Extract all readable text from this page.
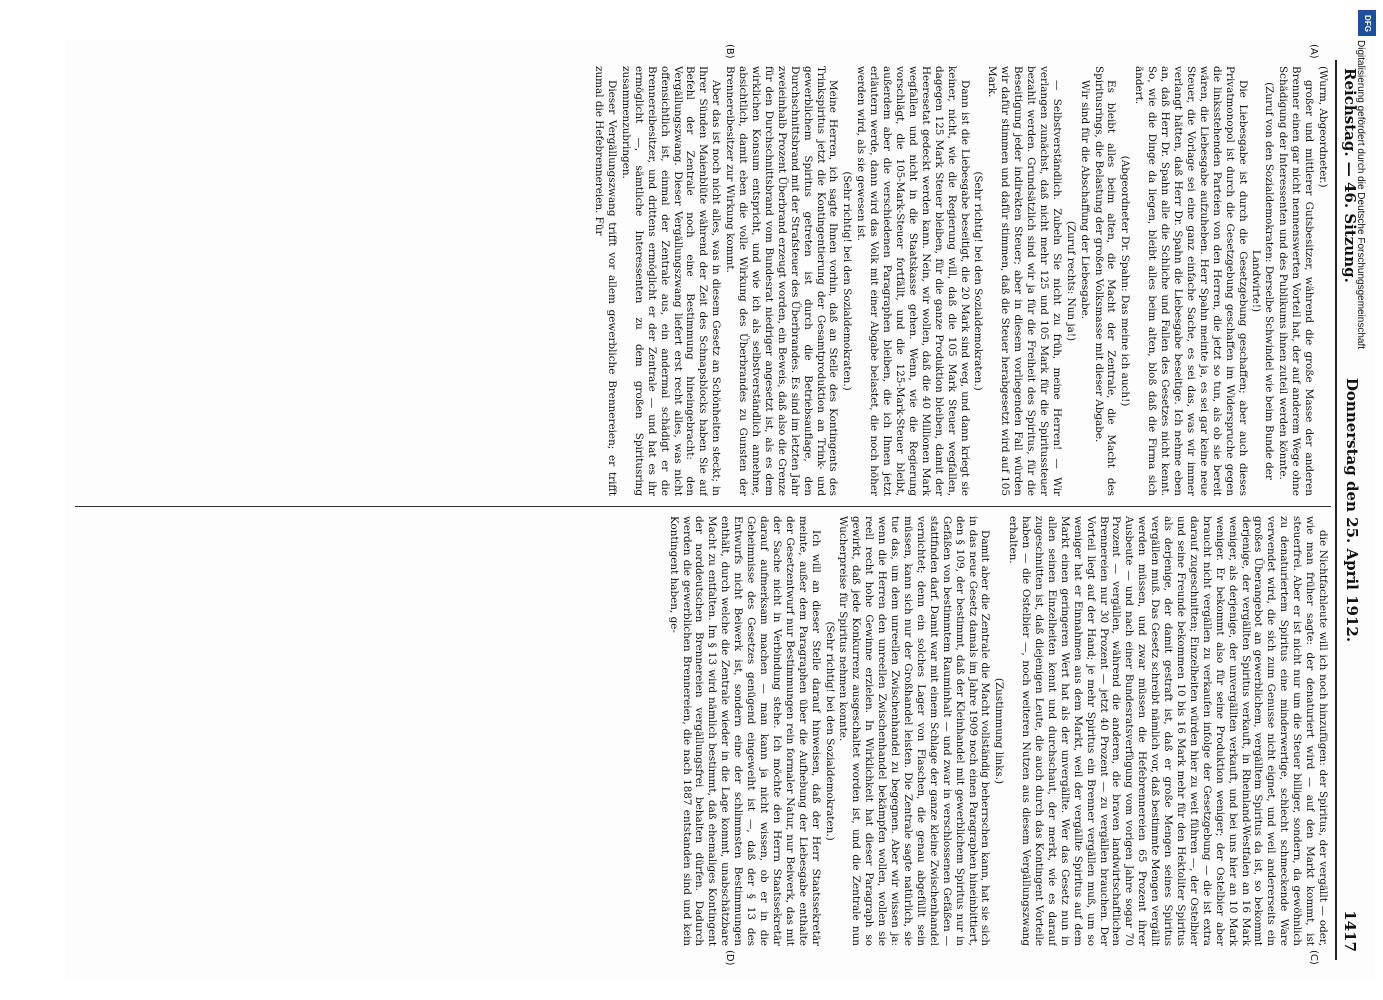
Reichstag. — 46. Sitzung.
Donnerstag den 25. April 1912.
1417
(A)
(B)
(C)
(D)

(Wurm, Abgeordneter.)

großer und mittlerer Gutsbesitzer, während die große Masse der anderen Brenner einen gar nicht nennenswerten Vorteil hat, der auf anderem Wege ohne Schädigung der Interessenten und des Publikums ihnen zuteil werden könnte.

(Zuruf von den Sozialdemokraten: Derselbe Schwindel wie beim Bunde der Landwirte!)

Die Liebesgabe ist durch die Gesetzgebung geschaffen; aber auch dieses Privatmonopol ist durch die Gesetzgebung geschaffen im Widerspruche gegen die linksstehenden Parteien von den Herren, die jetzt so tun, als ob sie bereit wären, die Liebesgabe aufzuheben. Herr Spahn meinte ja, es sei gar keine neue Steuer, die Vorlage sei eine ganz einfache Sache, es sei das, was wir immer verlangt hätten, daß Herr Dr. Spahn die Liebesgabe beseitige. Ich nehme eben an, daß Herr Dr. Spahn alle die Schliche und Fallen des Gesetzes nicht kennt. So, wie die Dinge da liegen, bleibt alles beim alten, bloß daß die Firma sich ändert.

(Abgeordneter Dr. Spahn: Das meine ich auch!)

Es bleibt alles beim alten, die Macht der Zentrale, die Macht des Spiritusrings, die Belastung der großen Volksmasse mit dieser Abgabe.

Wir sind für die Abschaffung der Liebesgabe.

(Zuruf rechts: Nun ja!)

— Selbstverständlich. Zubeln Sie nicht zu früh, meine Herren! — Wir verlangen zunächst, daß nicht mehr 125 und 105 Mark für die Spiritussteuer bezahlt werden. Grundsätzlich sind wir ja für die Freiheit des Spiritus, für die Beseitigung jeder indirekten Steuer; aber in diesem vorliegenden Fall würden wir dafür stimmen und dafür stimmen, daß die Steuer herabgesetzt wird auf 105 Mark.

(Sehr richtig! bei den Sozialdemokraten.)

Dann ist die Liebesgabe beseitigt, die 20 Mark sind weg, und dann kriegt sie keiner, nicht, wie die Regierung will, daß die 105 Mark Steuer wegfallen, dagegen 125 Mark Steuer bleiben, für die ganze Produktion bleiben, damit der Heeresetat gedeckt werden kann. Nein, wir wollen, daß die 40 Millionen Mark wegfallen und nicht in die Staatskasse gehen. Wenn, wie die Regierung vorschlägt, die 105-Mark-Steuer fortfällt, und die 125-Mark-Steuer bleibt, außerdem aber die verschiedenen Paragraphen bleiben, die ich Ihnen jetzt erläutern werde, dann wird das Volk mit einer Abgabe belastet, die noch höher werden wird, als sie gewesen ist.

(Sehr richtig! bei den Sozialdemokraten.)

Meine Herren, ich sagte Ihnen vorhin, daß an Stelle des Kontingents des Trinkspiritus jetzt die Kontingentierung der Gesamtproduktion an Trink- und gewerblichem Spiritus getreten ist durch die Betriebsauflage, den Durchschnittsbrand mit der Strafsteuer des Überbrandes. Es sind im letzten Jahr zweieinhalb Prozent Überbrand erzeugt worden, ein Beweis, daß also die Grenze für den Durchschnittsbrand vom Bundesrat niedriger angesetzt ist, als es dem wirklichen Konsum entspricht, und wie ich als selbstverständlich annehme, absichtlich, damit eben die volle Wirkung des Überbrandes zu Gunsten der Brennereibesitzer zur Wirkung kommt.

Aber das ist noch nicht alles, was in diesem Gesetz an Schönheiten steckt; in Ihrer Sünden Maienblüte während der Zeit des Schnapsblocks haben Sie auf Befehl der Zentrale noch eine Bestimmung hineingebracht: den Vergällungszwang. Dieser Vergällungszwang liefert erst recht alles, was nicht offensichtlich ist, einmal der Zentrale aus, ein andermal schädigt er die Brennereibesitzer, und drittens ermöglicht er der Zentrale — und hat es ihr ermöglicht —, sämtliche Interessenten zu dem großen Spiritusring zusammenzubringen.

Dieser Vergällungszwang trifft vor allem gewerbliche Brennereien; er trifft zumal die Hefebrennereien. Für

die Nichtfachleute will ich noch hinzufügen: der Spiritus, der vergällt — oder, wie man früher sagte: der denaturiert wird — auf den Markt kommt, ist steuerfrei. Aber er ist nicht nur um die Steuer billiger, sondern, da gewöhnlich zu denaturiertem Spiritus eine minderwertige, schlecht schmeckende Ware verwendet wird, die sich zum Genusse nicht eignet, und weil andererseits ein großes Überangebot an gewerblichem, vergälltem Spiritus da ist, so bekommt derjenige, der vergällten Spiritus verkauft, in Rheinland-Westfalen an 16 Mark weniger, als derjenige, der unvergällten verkauft, und bei uns hier an 10 Mark weniger. Er bekommt also für seine Produktion weniger; der Ostelbier aber braucht nicht vergällen zu verkaufen infolge der Gesetzgebung — die ist extra darauf zugeschnitten; Einzelheiten würden hier zu weit führen —, der Ostelbier und seine Freunde bekommen 10 bis 16 Mark mehr für den Hektoliter Spiritus als derjenige, der damit gestraft ist, daß er große Mengen seines Spiritus vergällen muß. Das Gesetz schreibt nämlich vor, daß bestimmte Mengen vergällt werden müssen, und zwar müssen die Hefebrennereien 65 Prozent ihrer Ausbeute — und nach einer Bundesratsverfügung vom vorigen Jahre sogar 70 Prozent — vergällen, während die anderen, die braven landwirtschaftlichen Brennereien nur 30 Prozent — jetzt 40 Prozent — zu vergällen brauchen. Der Vorteil liegt auf der Hand; je mehr Spiritus ein Brenner vergällen muß, um so weniger hat er Einnahmen aus dem Markt, weil der vergällte Spiritus auf dem Markt einen geringeren Wert hat als der unvergällte. Wer das Gesetz nun in allen seinen Einzelheiten kennt und durchschaut, der merkt, wie es darauf zugeschnitten ist, daß diejenigen Leute, die auch durch das Kontingent Vorteile haben — die Ostelbier —, noch weiteren Nutzen aus diesem Vergällungszwang erhalten.

(Zustimmung links.)

Damit aber die Zentrale die Macht vollständig beherrschen kann, hat sie sich in das neue Gesetz damals im Jahre 1909 noch einen Paragraphen hineinbittiert, den § 109, der bestimmt, daß der Kleinhandel mit gewerblichem Spiritus nur in Gefäßen von bestimmtem Rauminhalt — und zwar in verschlossenen Gefäßen — stattfinden darf. Damit war mit einem Schlage der ganze kleine Zwischenhandel vernichtet; denn ein solches Lager von Flaschen, die genau abgefüllt sein müssen, kann sich nur der Großhandel leisten. Die Zentrale sagte natürlich, sie tue das, um dem unreellen Zwischenhandel zu begegnen. Aber wir wissen ja: wenn die Herren den unreellen Zwischenhandel bekämpfen wollen, wollen sie reell recht hohe Gewinne erzielen. In Wirklichkeit hat dieser Paragraph so gewirkt, daß jede Konkurrenz ausgeschaltet worden ist, und die Zentrale nun Wucherpreise für Spiritus nehmen konnte.

(Sehr richtig! bei den Sozialdemokraten.)

Ich will an dieser Stelle darauf hinweisen, daß der Herr Staatssekretär meinte, außer dem Paragraphen über die Aufhebung der Liebesgabe enthalte der Gesetzentwurf nur Bestimmungen rein formaler Natur, nur Beiwerk, das mit der Sache nicht in Verbindung stehe. Ich möchte den Herrn Staatssekretär darauf aufmerksam machen — man kann ja nicht wissen, ob er in die Geheimnisse des Gesetzes genügend eingeweiht ist —, daß der § 13 des Entwurfs nicht Beiwerk ist, sondern eine der schlimmsten Bestimmungen enthält, durch welche die Zentrale wieder in die Lage kommt, unabschätzbare Macht zu entfalten. Im § 13 wird nämlich bestimmt, daß ehemaliges Kontingent der norddeutschen Brennereien vergällungsfrei behalten dürfen. Dadurch werden die gewerblichen Brennereien, die nach 1887 entstanden sind und kein Kontingent haben, ge-

DFG
Digitalisierung gefördert durch die Deutsche Forschungsgemeinschaft
